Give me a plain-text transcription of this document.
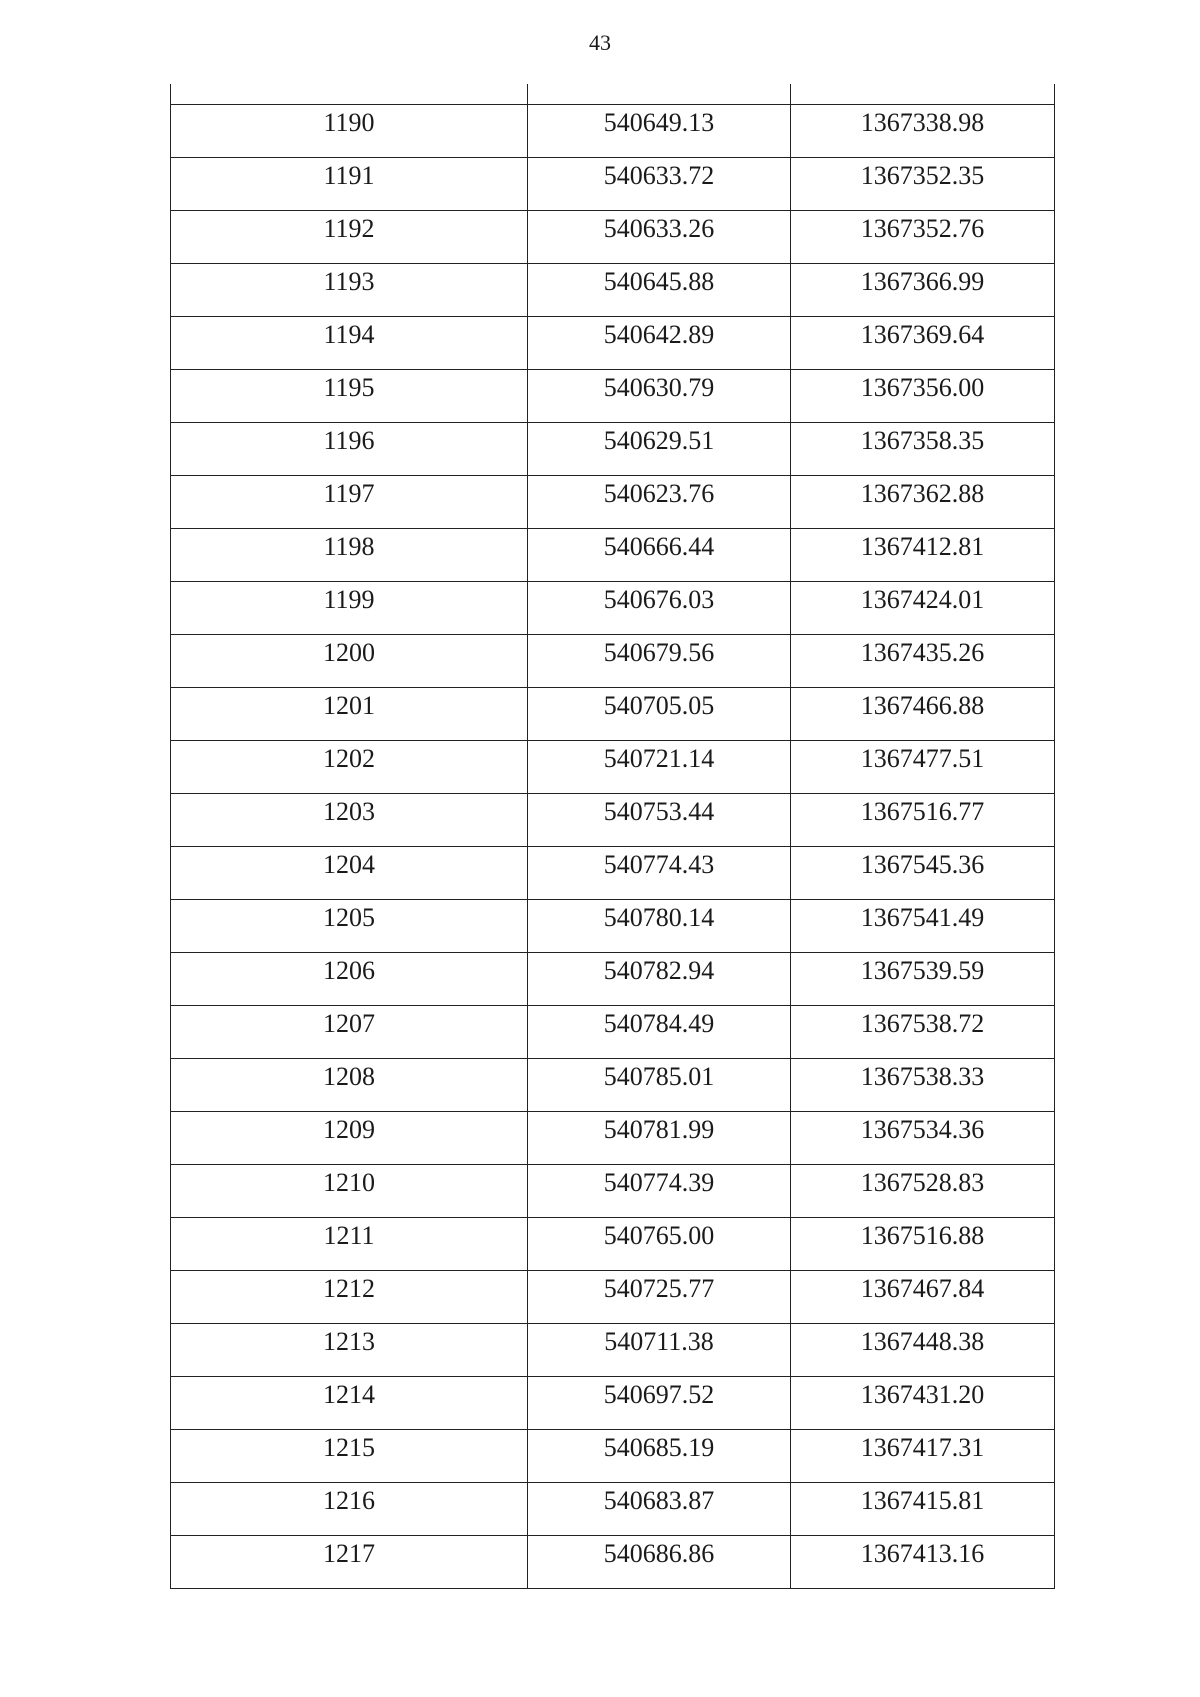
43

1190	540649.13	1367338.98
1191	540633.72	1367352.35
1192	540633.26	1367352.76
1193	540645.88	1367366.99
1194	540642.89	1367369.64
1195	540630.79	1367356.00
1196	540629.51	1367358.35
1197	540623.76	1367362.88
1198	540666.44	1367412.81
1199	540676.03	1367424.01
1200	540679.56	1367435.26
1201	540705.05	1367466.88
1202	540721.14	1367477.51
1203	540753.44	1367516.77
1204	540774.43	1367545.36
1205	540780.14	1367541.49
1206	540782.94	1367539.59
1207	540784.49	1367538.72
1208	540785.01	1367538.33
1209	540781.99	1367534.36
1210	540774.39	1367528.83
1211	540765.00	1367516.88
1212	540725.77	1367467.84
1213	540711.38	1367448.38
1214	540697.52	1367431.20
1215	540685.19	1367417.31
1216	540683.87	1367415.81
1217	540686.86	1367413.16
